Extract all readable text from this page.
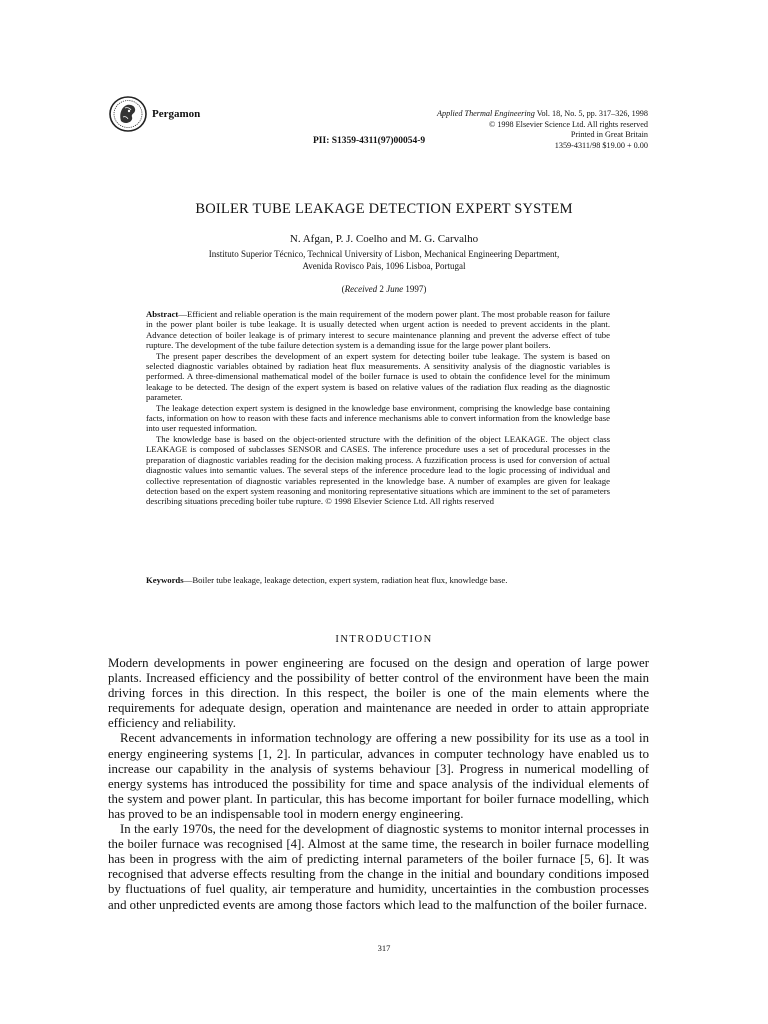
Pergamon	Applied Thermal Engineering Vol. 18, No. 5, pp. 317–326, 1998
© 1998 Elsevier Science Ltd. All rights reserved
Printed in Great Britain
1359-4311/98 $19.00 + 0.00
PII: S1359-4311(97)00054-9
BOILER TUBE LEAKAGE DETECTION EXPERT SYSTEM
N. Afgan, P. J. Coelho and M. G. Carvalho
Instituto Superior Técnico, Technical University of Lisbon, Mechanical Engineering Department,
Avenida Rovisco Pais, 1096 Lisboa, Portugal
(Received 2 June 1997)

Abstract—Efficient and reliable operation is the main requirement of the modern power plant. The most probable reason for failure in the power plant boiler is tube leakage. It is usually detected when urgent action is needed to prevent accidents in the plant. Advance detection of boiler leakage is of primary interest to secure maintenance planning and prevent the adverse effect of tube rupture. The development of the tube failure detection system is a demanding issue for the large power plant boilers.

The present paper describes the development of an expert system for detecting boiler tube leakage. The system is based on selected diagnostic variables obtained by radiation heat flux measurements. A sensitivity analysis of the diagnostic variables is performed. A three-dimensional mathematical model of the boiler furnace is used to obtain the confidence level for the minimum leakage to be detected. The design of the expert system is based on relative values of the radiation flux reading as the diagnostic parameter.

The leakage detection expert system is designed in the knowledge base environment, comprising the knowledge base containing facts, information on how to reason with these facts and inference mechanisms able to convert information from the knowledge base into user requested information.

The knowledge base is based on the object-oriented structure with the definition of the object LEAKAGE. The object class LEAKAGE is composed of subclasses SENSOR and CASES. The inference procedure uses a set of procedural processes in the preparation of diagnostic variables reading for the decision making process. A fuzzification process is used for conversion of actual diagnostic values into semantic values. The several steps of the inference procedure lead to the logic processing of individual and collective representation of diagnostic variables represented in the knowledge base. A number of examples are given for leakage detection based on the expert system reasoning and monitoring representative situations which are imminent to the set of parameters describing situations preceding boiler tube rupture. © 1998 Elsevier Science Ltd. All rights reserved

Keywords—Boiler tube leakage, leakage detection, expert system, radiation heat flux, knowledge base.
INTRODUCTION

Modern developments in power engineering are focused on the design and operation of large power plants. Increased efficiency and the possibility of better control of the environment have been the main driving forces in this direction. In this respect, the boiler is one of the main elements where the requirements for adequate design, operation and maintenance are needed in order to attain appropriate efficiency and reliability.

Recent advancements in information technology are offering a new possibility for its use as a tool in energy engineering systems [1, 2]. In particular, advances in computer technology have enabled us to increase our capability in the analysis of systems behaviour [3]. Progress in numerical modelling of energy systems has introduced the possibility for time and space analysis of the individual elements of the system and power plant. In particular, this has become important for boiler furnace modelling, which has proved to be an indispensable tool in modern energy engineering.

In the early 1970s, the need for the development of diagnostic systems to monitor internal processes in the boiler furnace was recognised [4]. Almost at the same time, the research in boiler furnace modelling has been in progress with the aim of predicting internal parameters of the boiler furnace [5, 6]. It was recognised that adverse effects resulting from the change in the initial and boundary conditions imposed by fluctuations of fuel quality, air temperature and humidity, uncertainties in the combustion processes and other unpredicted events are among those factors which lead to the malfunction of the boiler furnace.

317
